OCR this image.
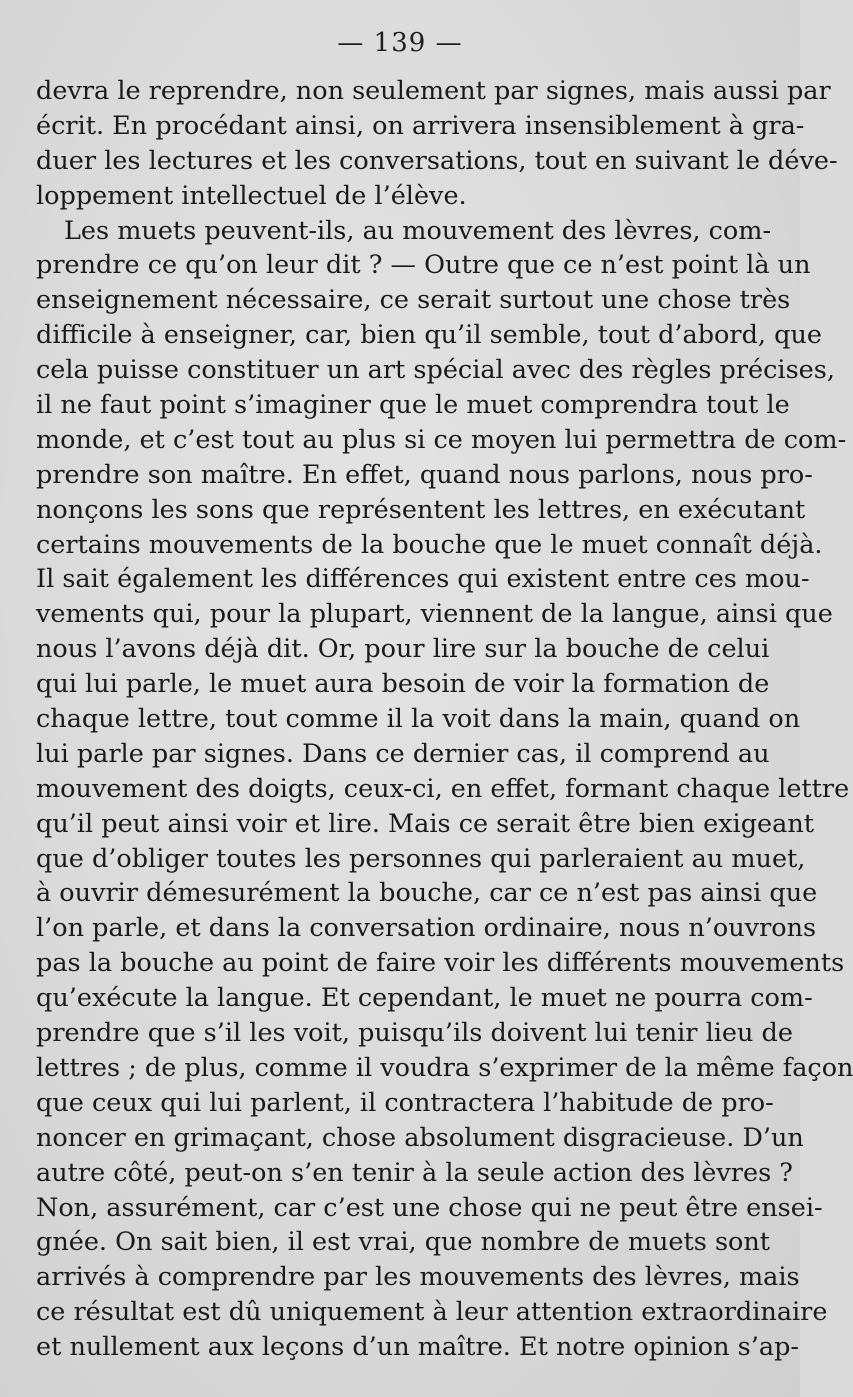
— 139 —
devra le reprendre, non seulement par signes, mais aussi par
écrit. En procédant ainsi, on arrivera insensiblement à gra-
duer les lectures et les conversations, tout en suivant le déve-
loppement intellectuel de l’élève.
Les muets peuvent-ils, au mouvement des lèvres, com-
prendre ce qu’on leur dit ? — Outre que ce n’est point là un
enseignement nécessaire, ce serait surtout une chose très
difficile à enseigner, car, bien qu’il semble, tout d’abord, que
cela puisse constituer un art spécial avec des règles précises,
il ne faut point s’imaginer que le muet comprendra tout le
monde, et c’est tout au plus si ce moyen lui permettra de com-
prendre son maître. En effet, quand nous parlons, nous pro-
nonçons les sons que représentent les lettres, en exécutant
certains mouvements de la bouche que le muet connaît déjà.
Il sait également les différences qui existent entre ces mou-
vements qui, pour la plupart, viennent de la langue, ainsi que
nous l’avons déjà dit. Or, pour lire sur la bouche de celui
qui lui parle, le muet aura besoin de voir la formation de
chaque lettre, tout comme il la voit dans la main, quand on
lui parle par signes. Dans ce dernier cas, il comprend au
mouvement des doigts, ceux-ci, en effet, formant chaque lettre
qu’il peut ainsi voir et lire. Mais ce serait être bien exigeant
que d’obliger toutes les personnes qui parleraient au muet,
à ouvrir démesurément la bouche, car ce n’est pas ainsi que
l’on parle, et dans la conversation ordinaire, nous n’ouvrons
pas la bouche au point de faire voir les différents mouvements
qu’exécute la langue. Et cependant, le muet ne pourra com-
prendre que s’il les voit, puisqu’ils doivent lui tenir lieu de
lettres ; de plus, comme il voudra s’exprimer de la même façon
que ceux qui lui parlent, il contractera l’habitude de pro-
noncer en grimaçant, chose absolument disgracieuse. D’un
autre côté, peut-on s’en tenir à la seule action des lèvres ?
Non, assurément, car c’est une chose qui ne peut être ensei-
gnée. On sait bien, il est vrai, que nombre de muets sont
arrivés à comprendre par les mouvements des lèvres, mais
ce résultat est dû uniquement à leur attention extraordinaire
et nullement aux leçons d’un maître. Et notre opinion s’ap-
